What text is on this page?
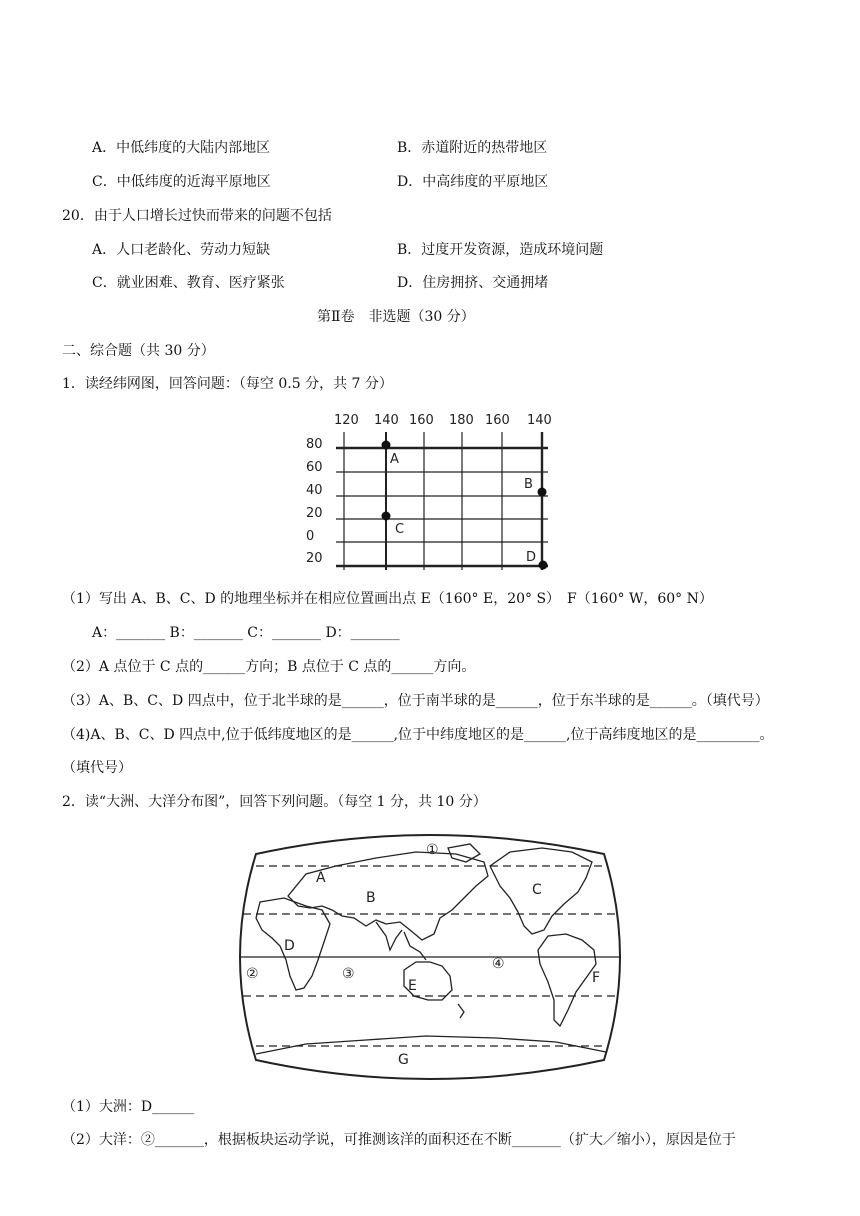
A．中低纬度的大陆内部地区	B．赤道附近的热带地区
C．中低纬度的近海平原地区	D．中高纬度的平原地区
20．由于人口增长过快而带来的问题不包括
A．人口老龄化、劳动力短缺	B．过度开发资源，造成环境问题
C．就业困难、教育、医疗紧张	D．住房拥挤、交通拥堵
第Ⅱ卷　非选题（30 分）
二、综合题（共 30 分）
1．读经纬网图，回答问题：（每空 0.5 分，共 7 分）
120 140 160 180 160 140
80
60
40
20
0
20
A
B
C
D
（1）写出 A、B、C、D 的地理坐标并在相应位置画出点 E（160° E，20° S）　F（160° W，60° N）
A：_______ B：_______ C：_______ D：_______
（2）A 点位于 C 点的______方向；B 点位于 C 点的______方向。
（3）A、B、C、D 四点中，位于北半球的是______，位于南半球的是______，位于东半球的是______。（填代号）
（4)A、B、C、D 四点中,位于低纬度地区的是______,位于中纬度地区的是______,位于高纬度地区的是_________。
（填代号）
2．读“大洲、大洋分布图”，回答下列问题。（每空 1 分，共 10 分）
①
A
B	C
D
②	③
④
E	F
G
（1）大洲：D______
（2）大洋：②_______，根据板块运动学说，可推测该洋的面积还在不断_______（扩大／缩小），原因是位于
